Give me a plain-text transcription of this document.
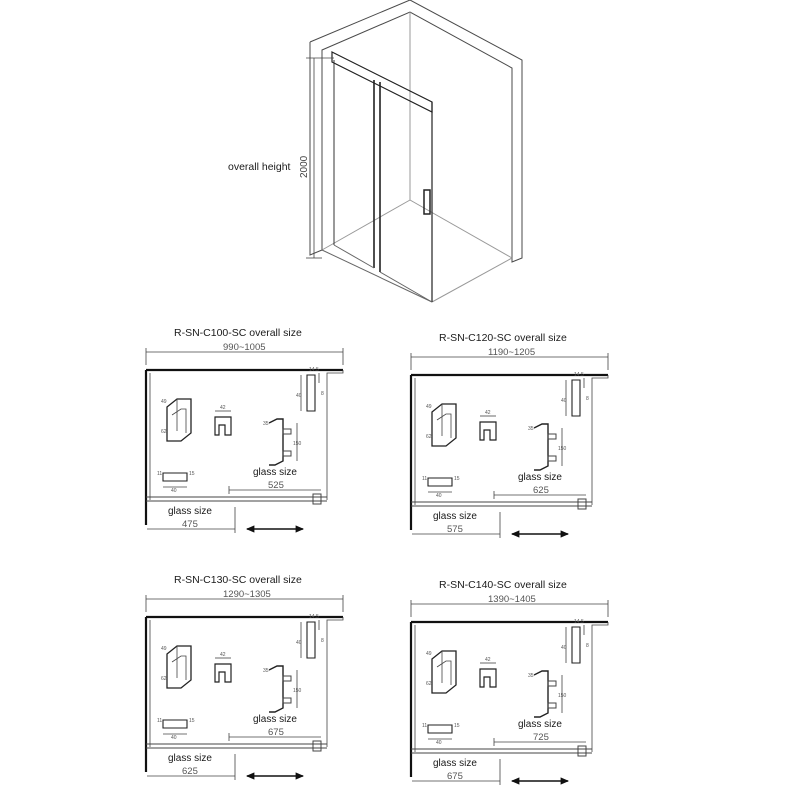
overall height 2000
40
14.5
8
49
62
42
35
150
11	15
40
R-SN-C100-SC overall size
990~1005
glass size
525
glass size
475
40
14.5
8
49
62
42
35
150
11	15
40
R-SN-C120-SC overall size
1190~1205
glass size
625
glass size
575
40
14.5
8
49
62
42
35
150
11	15
40
R-SN-C130-SC overall size
1290~1305
glass size
675
glass size
625
40
14.5
8
49
62
42
35
150
11	15
40
R-SN-C140-SC overall size
1390~1405
glass size
725
glass size
675
